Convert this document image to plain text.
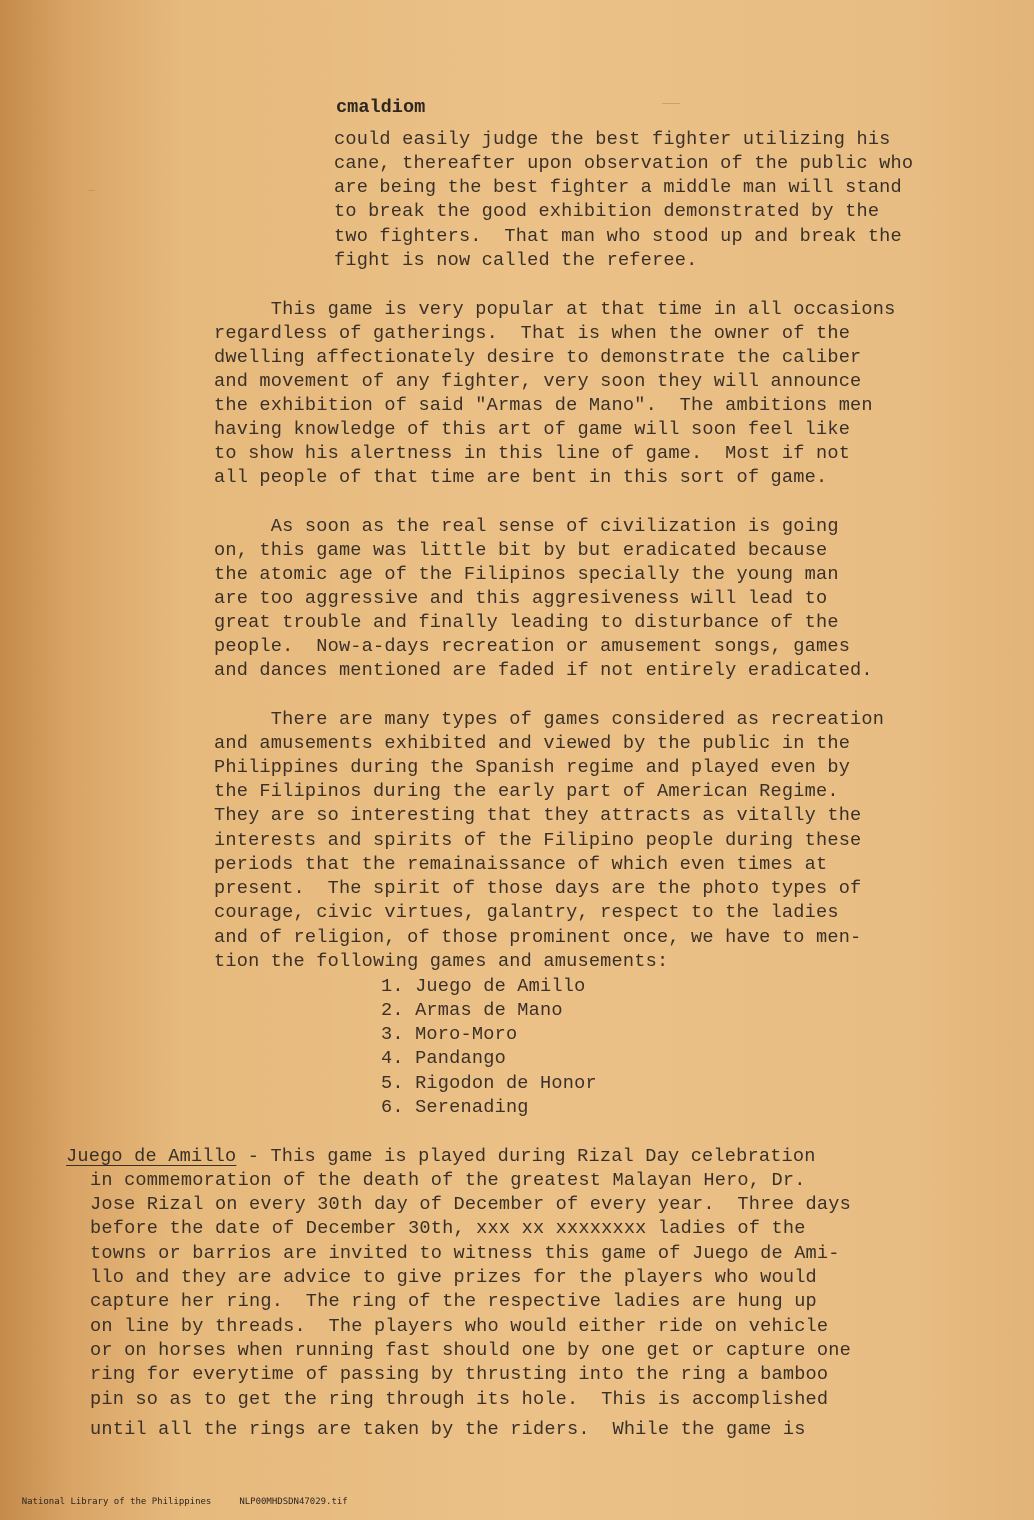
cmaldiom
could easily judge the best fighter utilizing his
cane, thereafter upon observation of the public who
are being the best fighter a middle man will stand
to break the good exhibition demonstrated by the
two fighters.  That man who stood up and break the
fight is now called the referee.
This game is very popular at that time in all occasions
regardless of gatherings.  That is when the owner of the
dwelling affectionately desire to demonstrate the caliber
and movement of any fighter, very soon they will announce
the exhibition of said "Armas de Mano".  The ambitions men
having knowledge of this art of game will soon feel like
to show his alertness in this line of game.  Most if not
all people of that time are bent in this sort of game.
As soon as the real sense of civilization is going
on, this game was little bit by but eradicated because
the atomic age of the Filipinos specially the young man
are too aggressive and this aggresiveness will lead to
great trouble and finally leading to disturbance of the
people.  Now-a-days recreation or amusement songs, games
and dances mentioned are faded if not entirely eradicated.
There are many types of games considered as recreation
and amusements exhibited and viewed by the public in the
Philippines during the Spanish regime and played even by
the Filipinos during the early part of American Regime.
They are so interesting that they attracts as vitally the
interests and spirits of the Filipino people during these
periods that the remainaissance of which even times at
present.  The spirit of those days are the photo types of
courage, civic virtues, galantry, respect to the ladies
and of religion, of those prominent once, we have to men-
tion the following games and amusements:
1. Juego de Amillo
2. Armas de Mano
3. Moro-Moro
4. Pandango
5. Rigodon de Honor
6. Serenading
Juego de Amillo - This game is played during Rizal Day celebration
in commemoration of the death of the greatest Malayan Hero, Dr.
Jose Rizal on every 30th day of December of every year.  Three days
before the date of December 30th, xxx xx xxxxxxxx ladies of the
towns or barrios are invited to witness this game of Juego de Ami-
llo and they are advice to give prizes for the players who would
capture her ring.  The ring of the respective ladies are hung up
on line by threads.  The players who would either ride on vehicle
or on horses when running fast should one by one get or capture one
ring for everytime of passing by thrusting into the ring a bamboo
pin so as to get the ring through its hole.  This is accomplished
until all the rings are taken by the riders.  While the game is

National Library of the Philippines	NLP00MHDSDN47029.tif
